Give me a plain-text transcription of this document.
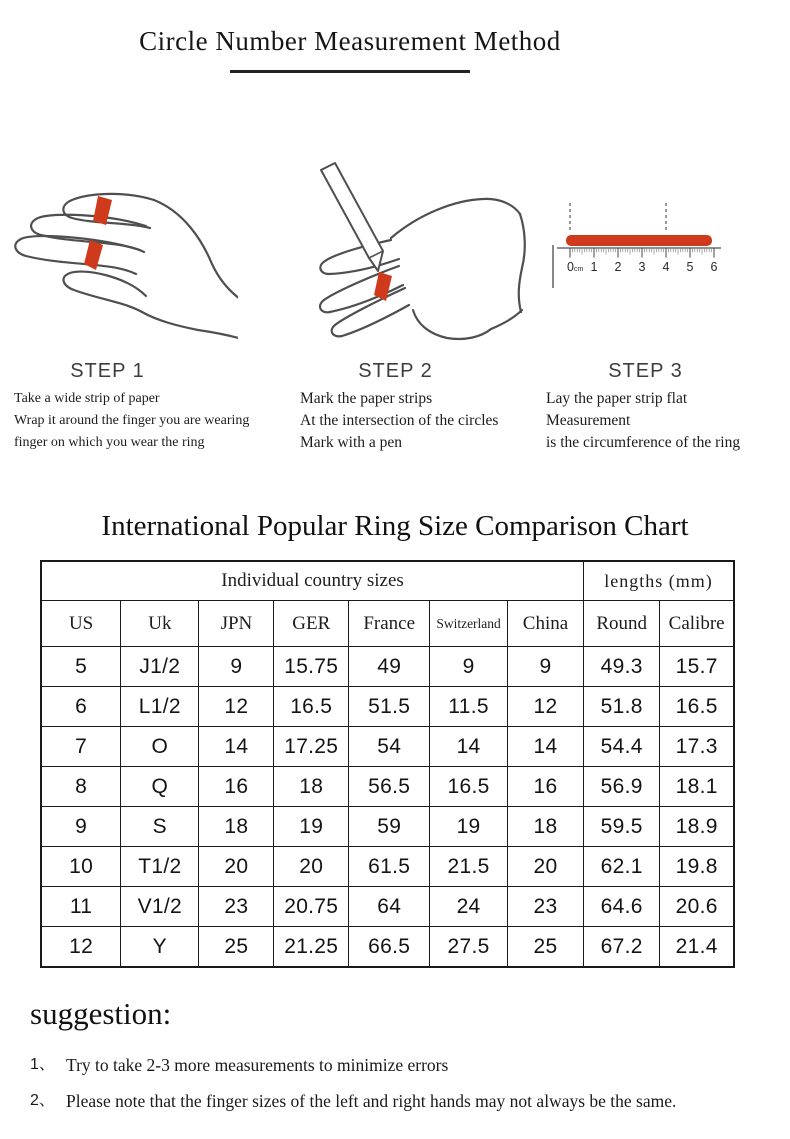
Circle Number Measurement Method
0cm 1 2 3 4 5 6
STEP 1	STEP 2	STEP 3
Take a wide strip of paper
Wrap it around the finger you are wearing
finger on which you wear the ring
Mark the paper strips
At the intersection of the circles
Mark with a pen
Lay the paper strip flat
Measurement
is the circumference of the ring
International Popular Ring Size Comparison Chart
Individual country sizes							lengths (mm)	
US	Uk	JPN	GER	France	Switzerland	China	Round	Calibre
5	J1/2	9	15.75	49	9	9	49.3	15.7
6	L1/2	12	16.5	51.5	11.5	12	51.8	16.5
7	O	14	17.25	54	14	14	54.4	17.3
8	Q	16	18	56.5	16.5	16	56.9	18.1
9	S	18	19	59	19	18	59.5	18.9
10	T1/2	20	20	61.5	21.5	20	62.1	19.8
11	V1/2	23	20.75	64	24	23	64.6	20.6
12	Y	25	21.25	66.5	27.5	25	67.2	21.4
suggestion:
1、 Try to take 2-3 more measurements to minimize errors
2、 Please note that the finger sizes of the left and right hands may not always be the same.
